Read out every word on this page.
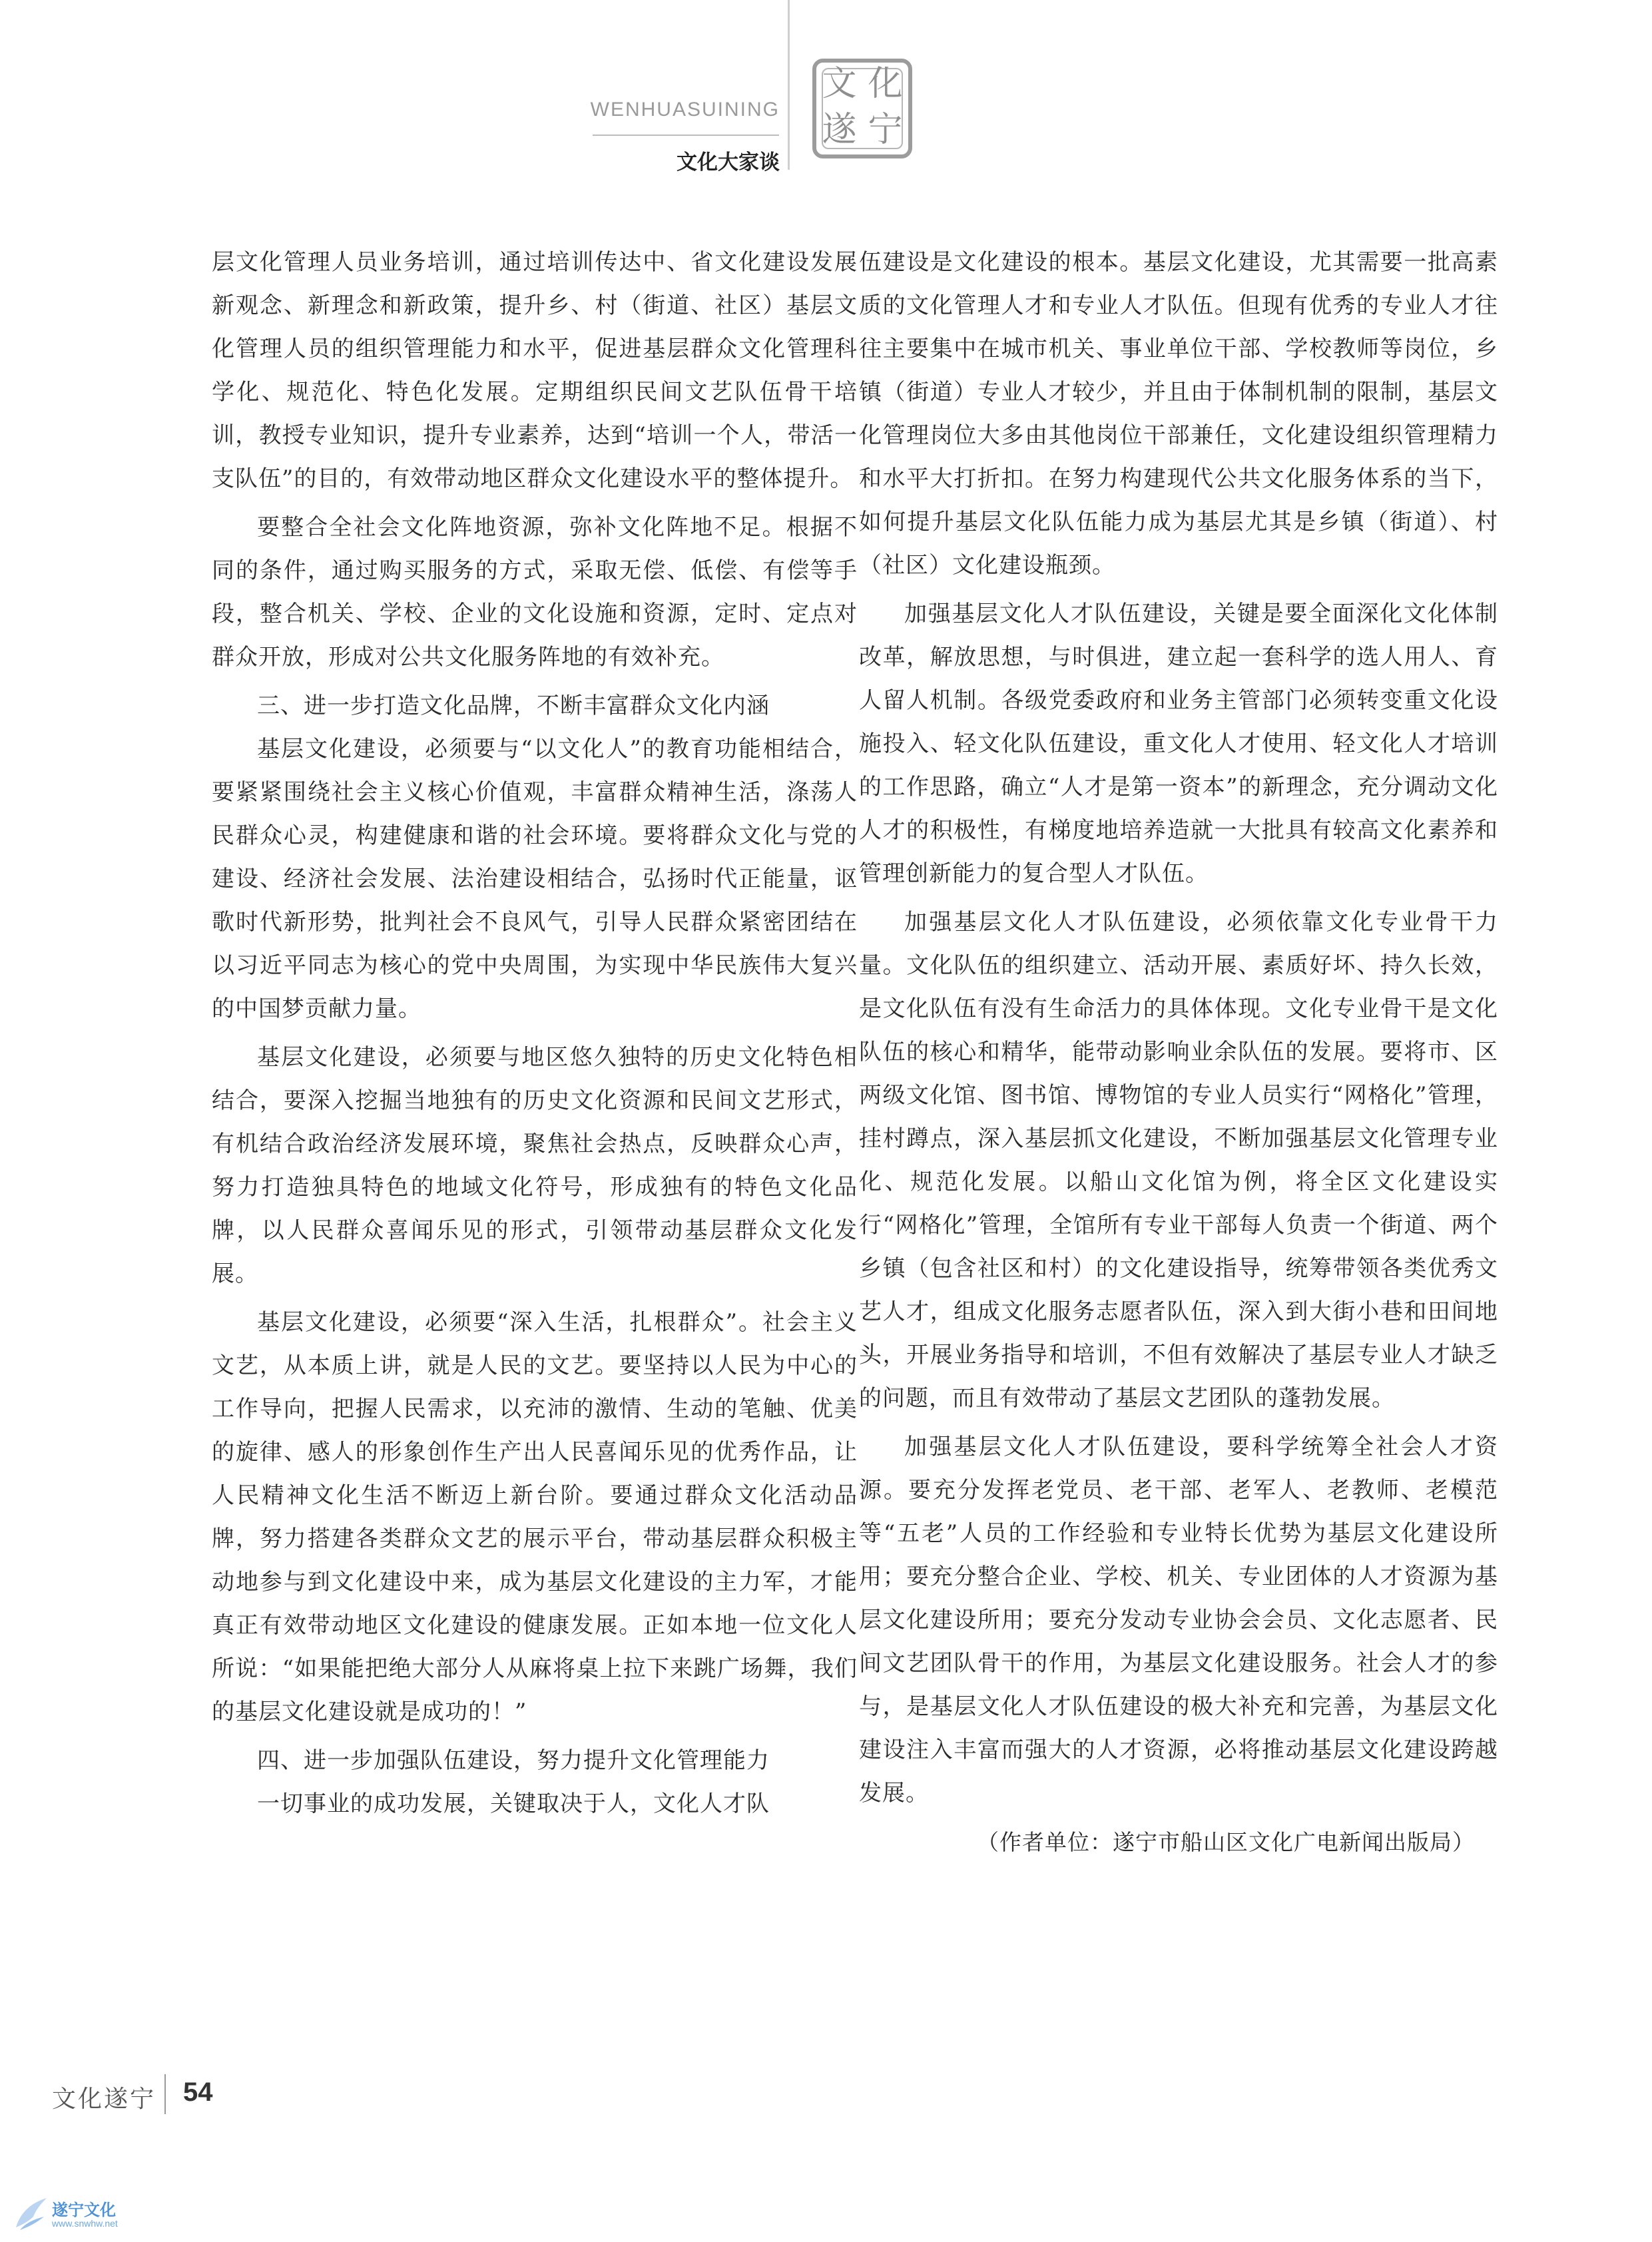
WENHUASUINING
文化大家谈
文 化
遂 宁

层文化管理人员业务培训，通过培训传达中、省文化建设发展新观念、新理念和新政策，提升乡、村（街道、社区）基层文化管理人员的组织管理能力和水平，促进基层群众文化管理科学化、规范化、特色化发展。定期组织民间文艺队伍骨干培训，教授专业知识，提升专业素养，达到“培训一个人，带活一支队伍”的目的，有效带动地区群众文化建设水平的整体提升。

要整合全社会文化阵地资源，弥补文化阵地不足。根据不同的条件，通过购买服务的方式，采取无偿、低偿、有偿等手段，整合机关、学校、企业的文化设施和资源，定时、定点对群众开放，形成对公共文化服务阵地的有效补充。

三、进一步打造文化品牌，不断丰富群众文化内涵

基层文化建设，必须要与“以文化人”的教育功能相结合，要紧紧围绕社会主义核心价值观，丰富群众精神生活，涤荡人民群众心灵，构建健康和谐的社会环境。要将群众文化与党的建设、经济社会发展、法治建设相结合，弘扬时代正能量，讴歌时代新形势，批判社会不良风气，引导人民群众紧密团结在以习近平同志为核心的党中央周围，为实现中华民族伟大复兴的中国梦贡献力量。

基层文化建设，必须要与地区悠久独特的历史文化特色相结合，要深入挖掘当地独有的历史文化资源和民间文艺形式，有机结合政治经济发展环境，聚焦社会热点，反映群众心声，努力打造独具特色的地域文化符号，形成独有的特色文化品牌，以人民群众喜闻乐见的形式，引领带动基层群众文化发展。

基层文化建设，必须要“深入生活，扎根群众”。社会主义文艺，从本质上讲，就是人民的文艺。要坚持以人民为中心的工作导向，把握人民需求，以充沛的激情、生动的笔触、优美的旋律、感人的形象创作生产出人民喜闻乐见的优秀作品，让人民精神文化生活不断迈上新台阶。要通过群众文化活动品牌，努力搭建各类群众文艺的展示平台，带动基层群众积极主动地参与到文化建设中来，成为基层文化建设的主力军，才能真正有效带动地区文化建设的健康发展。正如本地一位文化人所说：“如果能把绝大部分人从麻将桌上拉下来跳广场舞，我们的基层文化建设就是成功的！”

四、进一步加强队伍建设，努力提升文化管理能力

一切事业的成功发展，关键取决于人，文化人才队

伍建设是文化建设的根本。基层文化建设，尤其需要一批高素质的文化管理人才和专业人才队伍。但现有优秀的专业人才往往主要集中在城市机关、事业单位干部、学校教师等岗位，乡镇（街道）专业人才较少，并且由于体制机制的限制，基层文化管理岗位大多由其他岗位干部兼任，文化建设组织管理精力和水平大打折扣。在努力构建现代公共文化服务体系的当下，如何提升基层文化队伍能力成为基层尤其是乡镇（街道）、村（社区）文化建设瓶颈。

加强基层文化人才队伍建设，关键是要全面深化文化体制改革，解放思想，与时俱进，建立起一套科学的选人用人、育人留人机制。各级党委政府和业务主管部门必须转变重文化设施投入、轻文化队伍建设，重文化人才使用、轻文化人才培训的工作思路，确立“人才是第一资本”的新理念，充分调动文化人才的积极性，有梯度地培养造就一大批具有较高文化素养和管理创新能力的复合型人才队伍。

加强基层文化人才队伍建设，必须依靠文化专业骨干力量。文化队伍的组织建立、活动开展、素质好坏、持久长效，是文化队伍有没有生命活力的具体体现。文化专业骨干是文化队伍的核心和精华，能带动影响业余队伍的发展。要将市、区两级文化馆、图书馆、博物馆的专业人员实行“网格化”管理，挂村蹲点，深入基层抓文化建设，不断加强基层文化管理专业化、规范化发展。以船山文化馆为例，将全区文化建设实行“网格化”管理，全馆所有专业干部每人负责一个街道、两个乡镇（包含社区和村）的文化建设指导，统筹带领各类优秀文艺人才，组成文化服务志愿者队伍，深入到大街小巷和田间地头，开展业务指导和培训，不但有效解决了基层专业人才缺乏的问题，而且有效带动了基层文艺团队的蓬勃发展。

加强基层文化人才队伍建设，要科学统筹全社会人才资源。要充分发挥老党员、老干部、老军人、老教师、老模范等“五老”人员的工作经验和专业特长优势为基层文化建设所用；要充分整合企业、学校、机关、专业团体的人才资源为基层文化建设所用；要充分发动专业协会会员、文化志愿者、民间文艺团队骨干的作用，为基层文化建设服务。社会人才的参与，是基层文化人才队伍建设的极大补充和完善，为基层文化建设注入丰富而强大的人才资源，必将推动基层文化建设跨越发展。

（作者单位：遂宁市船山区文化广电新闻出版局）

文化遂宁 54
遂宁文化
www.snwhw.net
